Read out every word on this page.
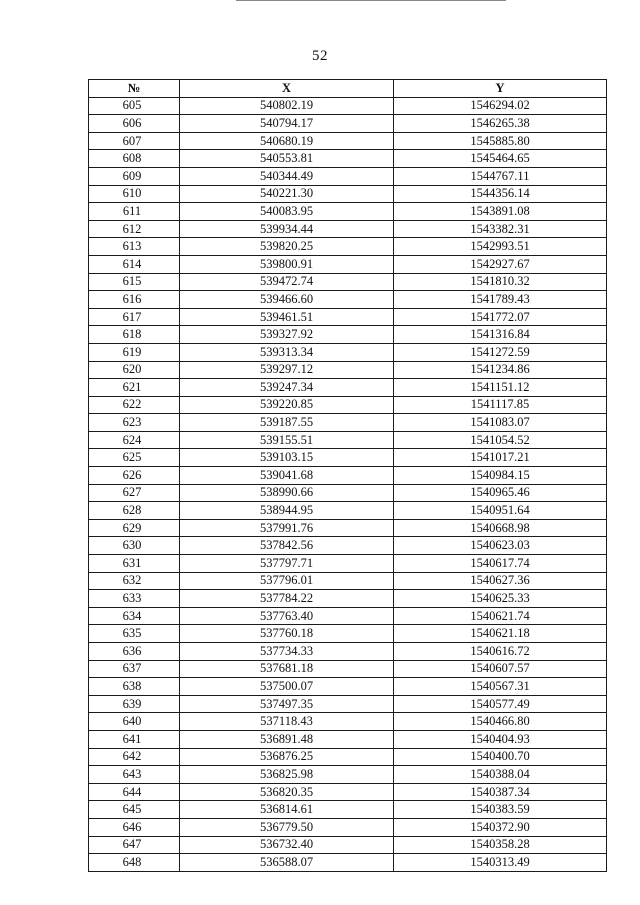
52
№	X	Y
605	540802.19	1546294.02
606	540794.17	1546265.38
607	540680.19	1545885.80
608	540553.81	1545464.65
609	540344.49	1544767.11
610	540221.30	1544356.14
611	540083.95	1543891.08
612	539934.44	1543382.31
613	539820.25	1542993.51
614	539800.91	1542927.67
615	539472.74	1541810.32
616	539466.60	1541789.43
617	539461.51	1541772.07
618	539327.92	1541316.84
619	539313.34	1541272.59
620	539297.12	1541234.86
621	539247.34	1541151.12
622	539220.85	1541117.85
623	539187.55	1541083.07
624	539155.51	1541054.52
625	539103.15	1541017.21
626	539041.68	1540984.15
627	538990.66	1540965.46
628	538944.95	1540951.64
629	537991.76	1540668.98
630	537842.56	1540623.03
631	537797.71	1540617.74
632	537796.01	1540627.36
633	537784.22	1540625.33
634	537763.40	1540621.74
635	537760.18	1540621.18
636	537734.33	1540616.72
637	537681.18	1540607.57
638	537500.07	1540567.31
639	537497.35	1540577.49
640	537118.43	1540466.80
641	536891.48	1540404.93
642	536876.25	1540400.70
643	536825.98	1540388.04
644	536820.35	1540387.34
645	536814.61	1540383.59
646	536779.50	1540372.90
647	536732.40	1540358.28
648	536588.07	1540313.49
